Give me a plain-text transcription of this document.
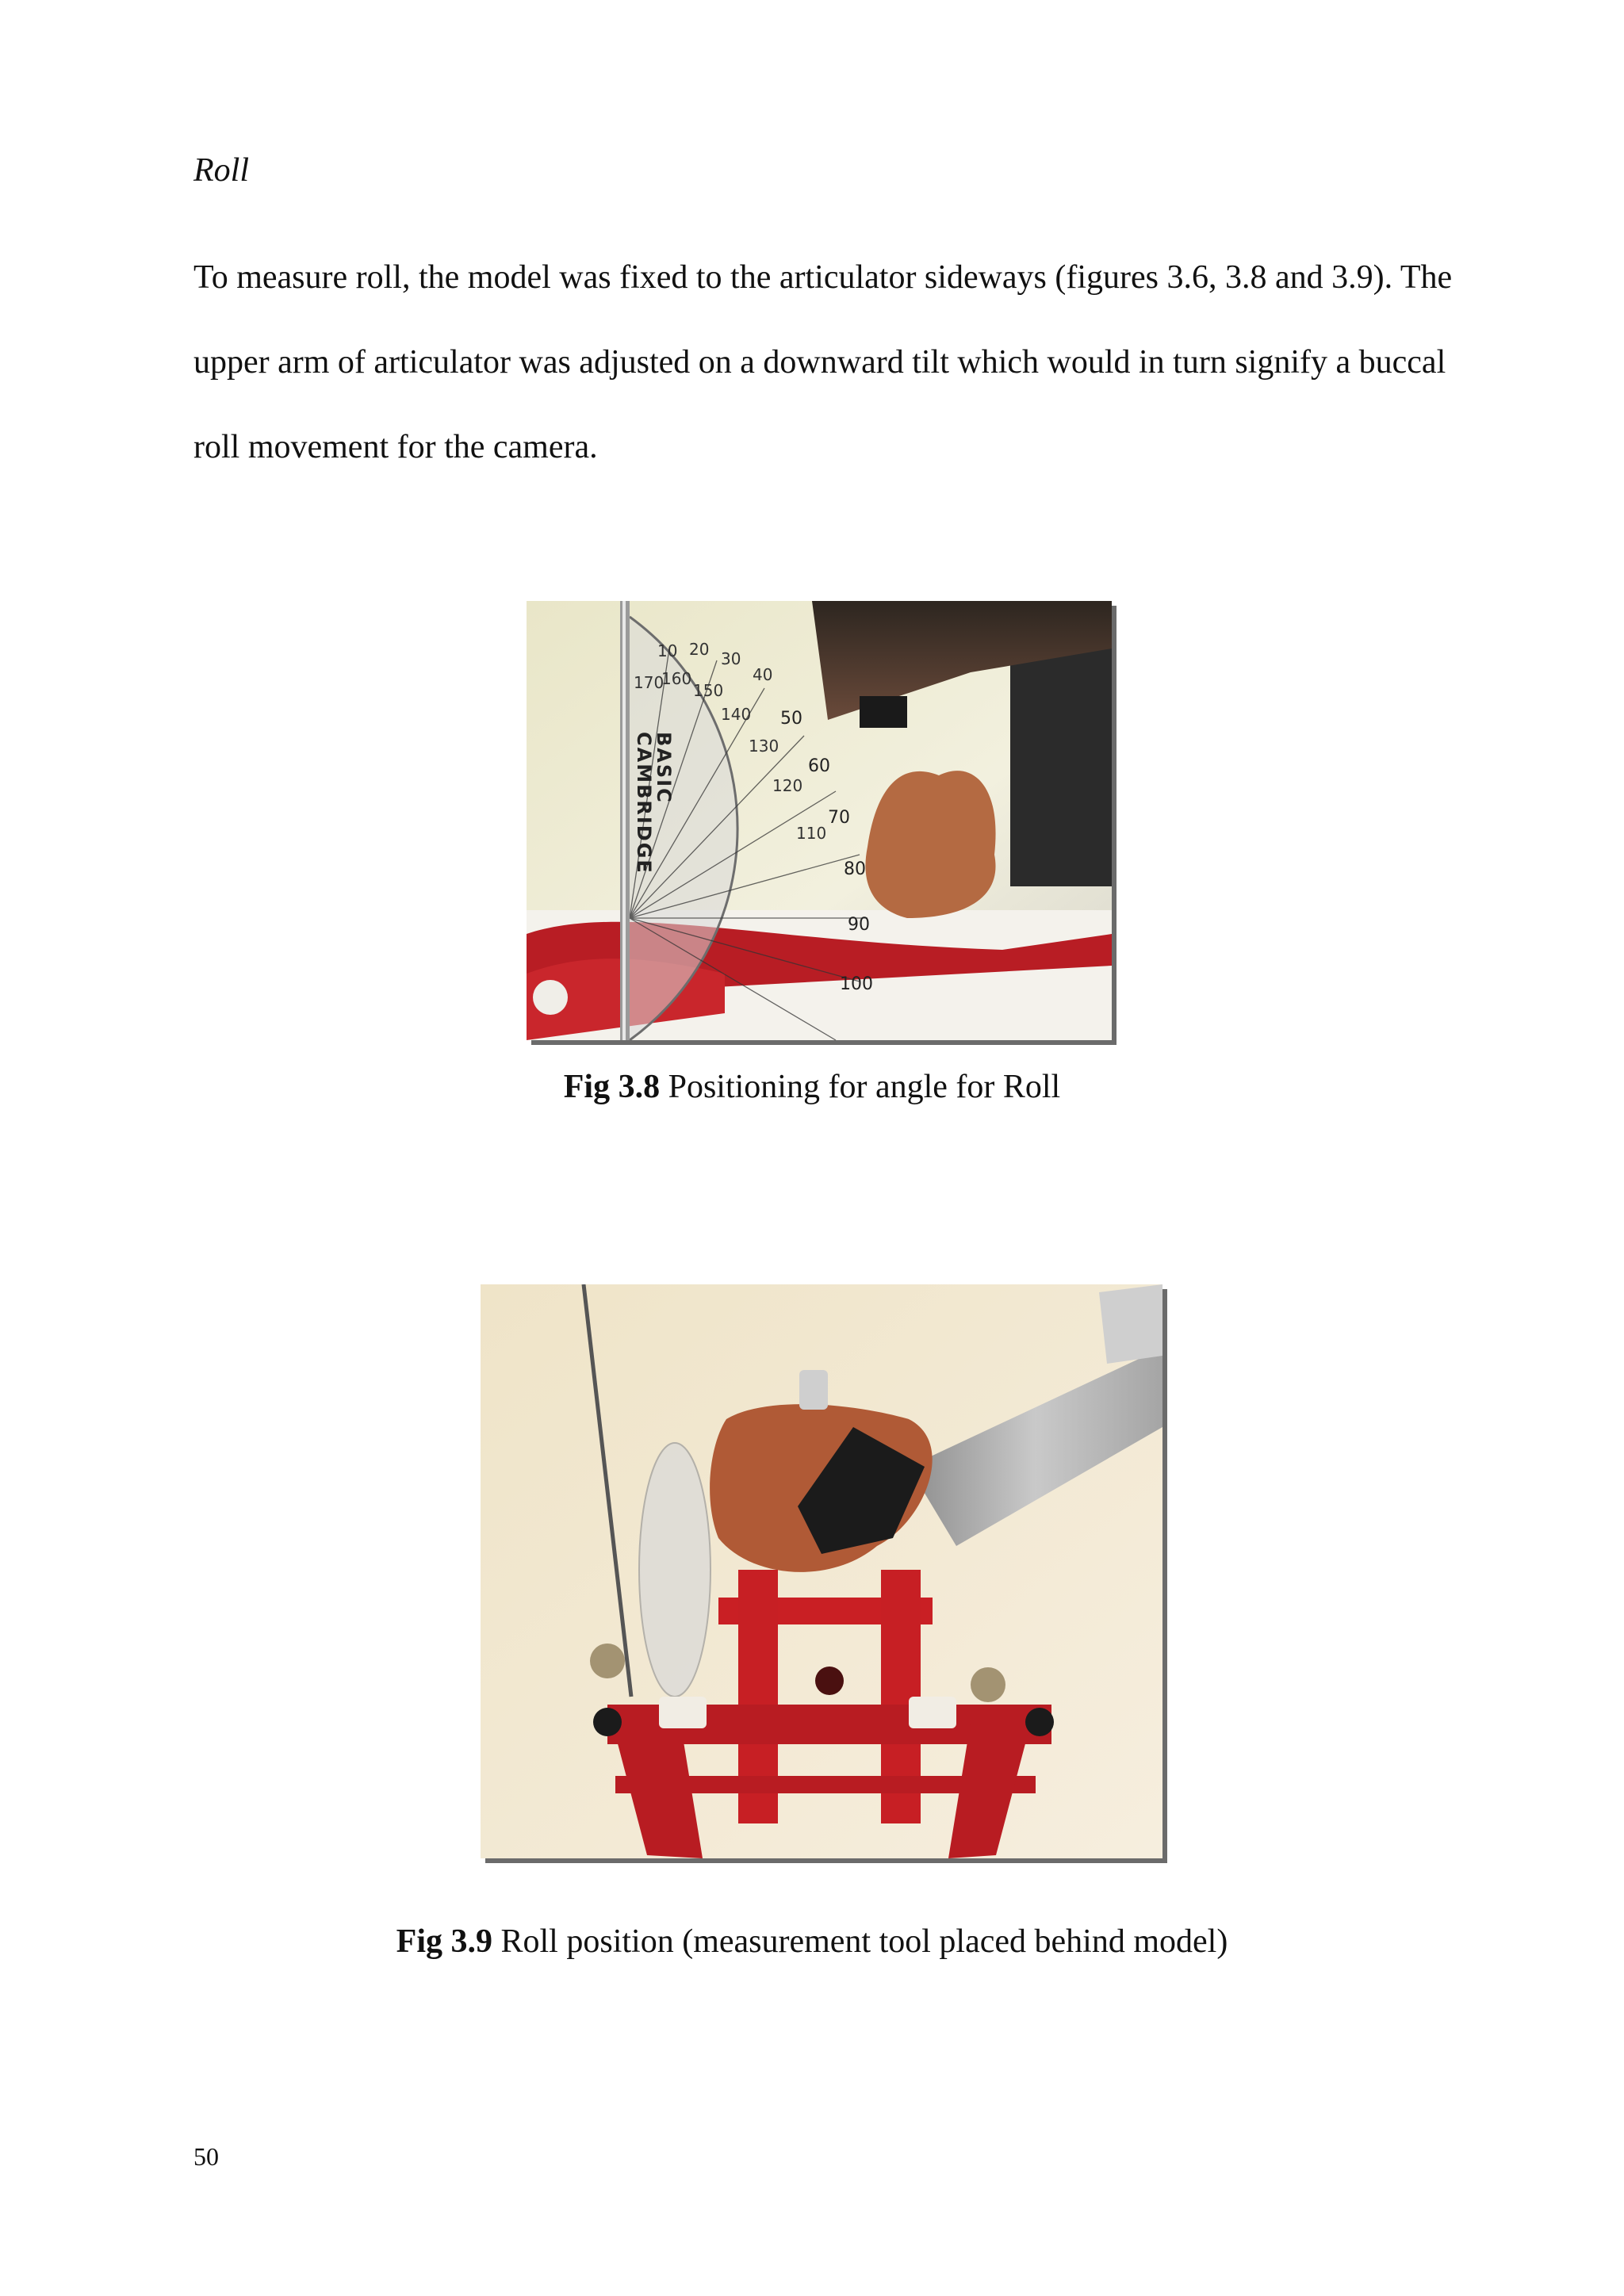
Roll
To measure roll, the model was fixed to the articulator sideways (figures 3.6, 3.8 and 3.9). The
upper arm of articulator was adjusted on a downward tilt which would in turn signify a buccal
roll movement for the camera.
10 20 30
40
50
60
70
80
90
100
110
120
130
140
150
160
170
BASIC
CAMBRIDGE
Fig 3.8 Positioning for angle for Roll
Fig 3.9 Roll position (measurement tool placed behind model)
50
